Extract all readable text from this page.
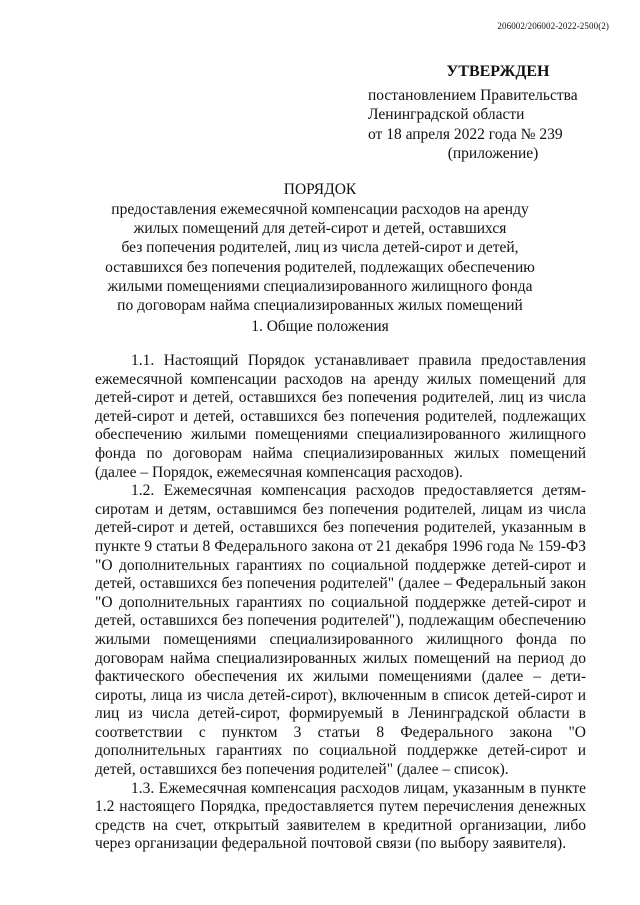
206002/206002-2022-2500(2)
УТВЕРЖДЕН
постановлением Правительства
Ленинградской области
от 18 апреля 2022 года № 239
(приложение)
ПОРЯДОК
предоставления ежемесячной компенсации расходов на аренду
жилых помещений для детей-сирот и детей, оставшихся
без попечения родителей, лиц из числа детей-сирот и детей,
оставшихся без попечения родителей, подлежащих обеспечению
жилыми помещениями специализированного жилищного фонда
по договорам найма специализированных жилых помещений
1. Общие положения

1.1. Настоящий Порядок устанавливает правила предоставления ежемесячной компенсации расходов на аренду жилых помещений для детей-сирот и детей, оставшихся без попечения родителей, лиц из числа детей-сирот и детей, оставшихся без попечения родителей, подлежащих обеспечению жилыми помещениями специализированного жилищного фонда по договорам найма специализированных жилых помещений (далее – Порядок, ежемесячная компенсация расходов).

1.2. Ежемесячная компенсация расходов предоставляется детям-сиротам и детям, оставшимся без попечения родителей, лицам из числа детей-сирот и детей, оставшихся без попечения родителей, указанным в пункте 9 статьи 8 Федерального закона от 21 декабря 1996 года № 159-ФЗ "О дополнительных гарантиях по социальной поддержке детей-сирот и детей, оставшихся без попечения родителей" (далее – Федеральный закон "О дополнительных гарантиях по социальной поддержке детей-сирот и детей, оставшихся без попечения родителей"), подлежащим обеспечению жилыми помещениями специализированного жилищного фонда по договорам найма специализированных жилых помещений на период до фактического обеспечения их жилыми помещениями (далее – дети-сироты, лица из числа детей-сирот), включенным в список детей-сирот и лиц из числа детей-сирот, формируемый в Ленинградской области в соответствии с пунктом 3 статьи 8 Федерального закона "О дополнительных гарантиях по социальной поддержке детей-сирот и детей, оставшихся без попечения родителей" (далее – список).

1.3. Ежемесячная компенсация расходов лицам, указанным в пункте 1.2 настоящего Порядка, предоставляется путем перечисления денежных средств на счет, открытый заявителем в кредитной организации, либо через организации федеральной почтовой связи (по выбору заявителя).
